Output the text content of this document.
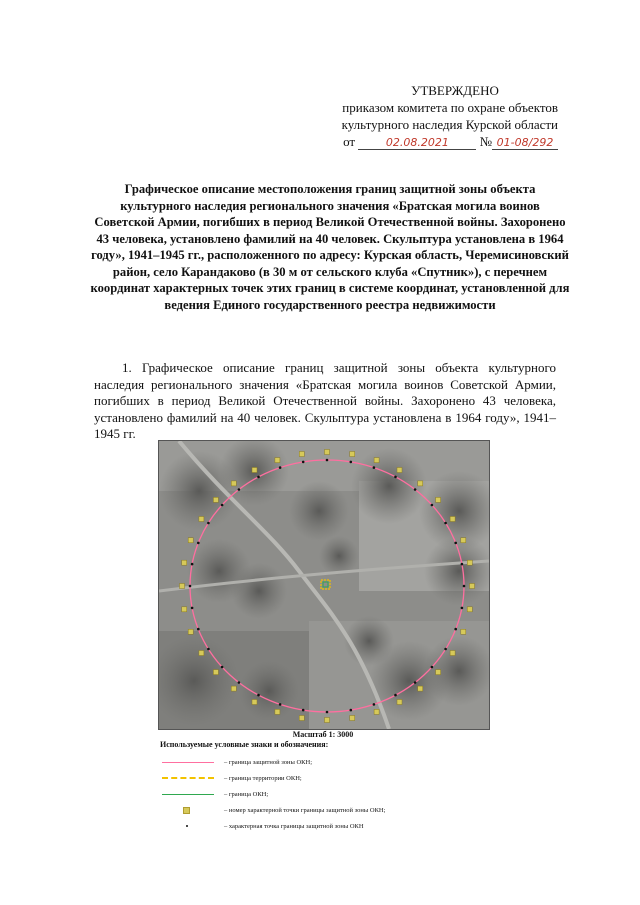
УТВЕРЖДЕНО
приказом комитета по охране объектов
культурного наследия Курской области
от	02.08.2021 № 01-08/292
Графическое описание местоположения границ защитной зоны объекта культурного наследия регионального значения «Братская могила воинов Советской Армии, погибших в период Великой Отечественной войны. Захоронено 43 человека, установлено фамилий на 40 человек. Скульптура установлена в 1964 году», 1941–1945 гг., расположенного по адресу: Курская область, Черемисиновский район, село Карандаково (в 30 м от сельского клуба «Спутник»), с перечнем координат характерных точек этих границ в системе координат, установленной для ведения Единого государственного реестра недвижимости
1. Графическое описание границ защитной зоны объекта культурного наследия регионального значения «Братская могила воинов Советской Армии, погибших в период Великой Отечественной войны. Захоронено 43 человека, установлено фамилий на 40 человек. Скульптура установлена в 1964 году», 1941–1945 гг.
Масштаб 1: 3000
Используемые условные знаки и обозначения:
– граница защитной зоны ОКН;
– граница территории ОКН;
– граница ОКН;
– номер характерной точки границы защитной зоны ОКН;
– характерная точка границы защитной зоны ОКН
